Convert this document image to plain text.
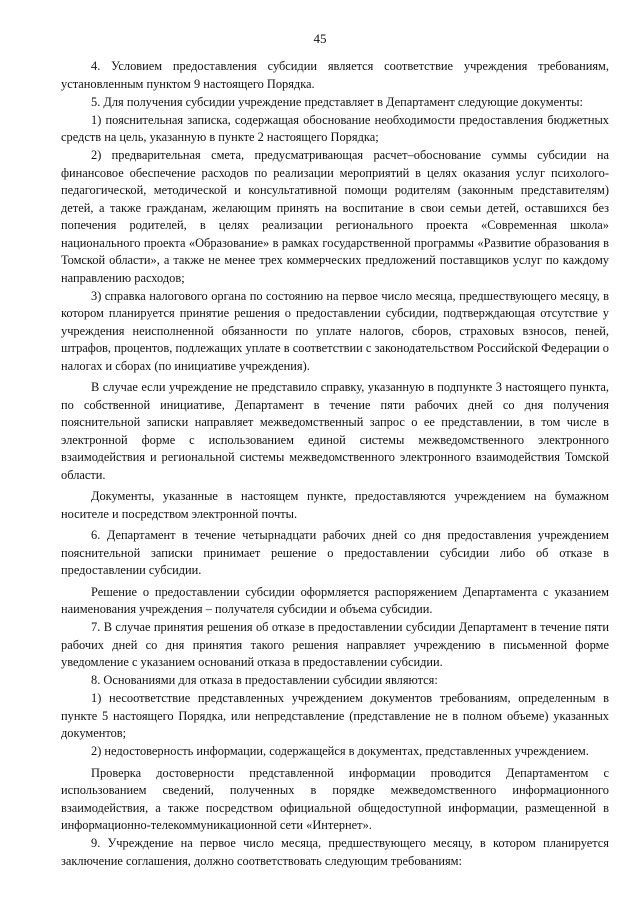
45

4. Условием предоставления субсидии является соответствие учреждения требованиям, установленным пунктом 9 настоящего Порядка.

5. Для получения субсидии учреждение представляет в Департамент следующие документы:

1) пояснительная записка, содержащая обоснование необходимости предоставления бюджетных средств на цель, указанную в пункте 2 настоящего Порядка;

2) предварительная смета, предусматривающая расчет–обоснование суммы субсидии на финансовое обеспечение расходов по реализации мероприятий в целях оказания услуг психолого-педагогической, методической и консультативной помощи родителям (законным представителям) детей, а также гражданам, желающим принять на воспитание в свои семьи детей, оставшихся без попечения родителей, в целях реализации регионального проекта «Современная школа» национального проекта «Образование» в рамках государственной программы «Развитие образования в Томской области», а также не менее трех коммерческих предложений поставщиков услуг по каждому направлению расходов;

3) справка налогового органа по состоянию на первое число месяца, предшествующего месяцу, в котором планируется принятие решения о предоставлении субсидии, подтверждающая отсутствие у учреждения неисполненной обязанности по уплате налогов, сборов, страховых взносов, пеней, штрафов, процентов, подлежащих уплате в соответствии с законодательством Российской Федерации о налогах и сборах (по инициативе учреждения).

В случае если учреждение не представило справку, указанную в подпункте 3 настоящего пункта, по собственной инициативе, Департамент в течение пяти рабочих дней со дня получения пояснительной записки направляет межведомственный запрос о ее представлении, в том числе в электронной форме с использованием единой системы межведомственного электронного взаимодействия и региональной системы межведомственного электронного взаимодействия Томской области.

Документы, указанные в настоящем пункте, предоставляются учреждением на бумажном носителе и посредством электронной почты.

6. Департамент в течение четырнадцати рабочих дней со дня предоставления учреждением пояснительной записки принимает решение о предоставлении субсидии либо об отказе в предоставлении субсидии.

Решение о предоставлении субсидии оформляется распоряжением Департамента с указанием наименования учреждения – получателя субсидии и объема субсидии.

7. В случае принятия решения об отказе в предоставлении субсидии Департамент в течение пяти рабочих дней со дня принятия такого решения направляет учреждению в письменной форме уведомление с указанием оснований отказа в предоставлении субсидии.

8. Основаниями для отказа в предоставлении субсидии являются:

1) несоответствие представленных учреждением документов требованиям, определенным в пункте 5 настоящего Порядка, или непредставление (представление не в полном объеме) указанных документов;

2) недостоверность информации, содержащейся в документах, представленных учреждением.

Проверка достоверности представленной информации проводится Департаментом с использованием сведений, полученных в порядке межведомственного информационного взаимодействия, а также посредством официальной общедоступной информации, размещенной в информационно-телекоммуникационной сети «Интернет».

9. Учреждение на первое число месяца, предшествующего месяцу, в котором планируется заключение соглашения, должно соответствовать следующим требованиям:
